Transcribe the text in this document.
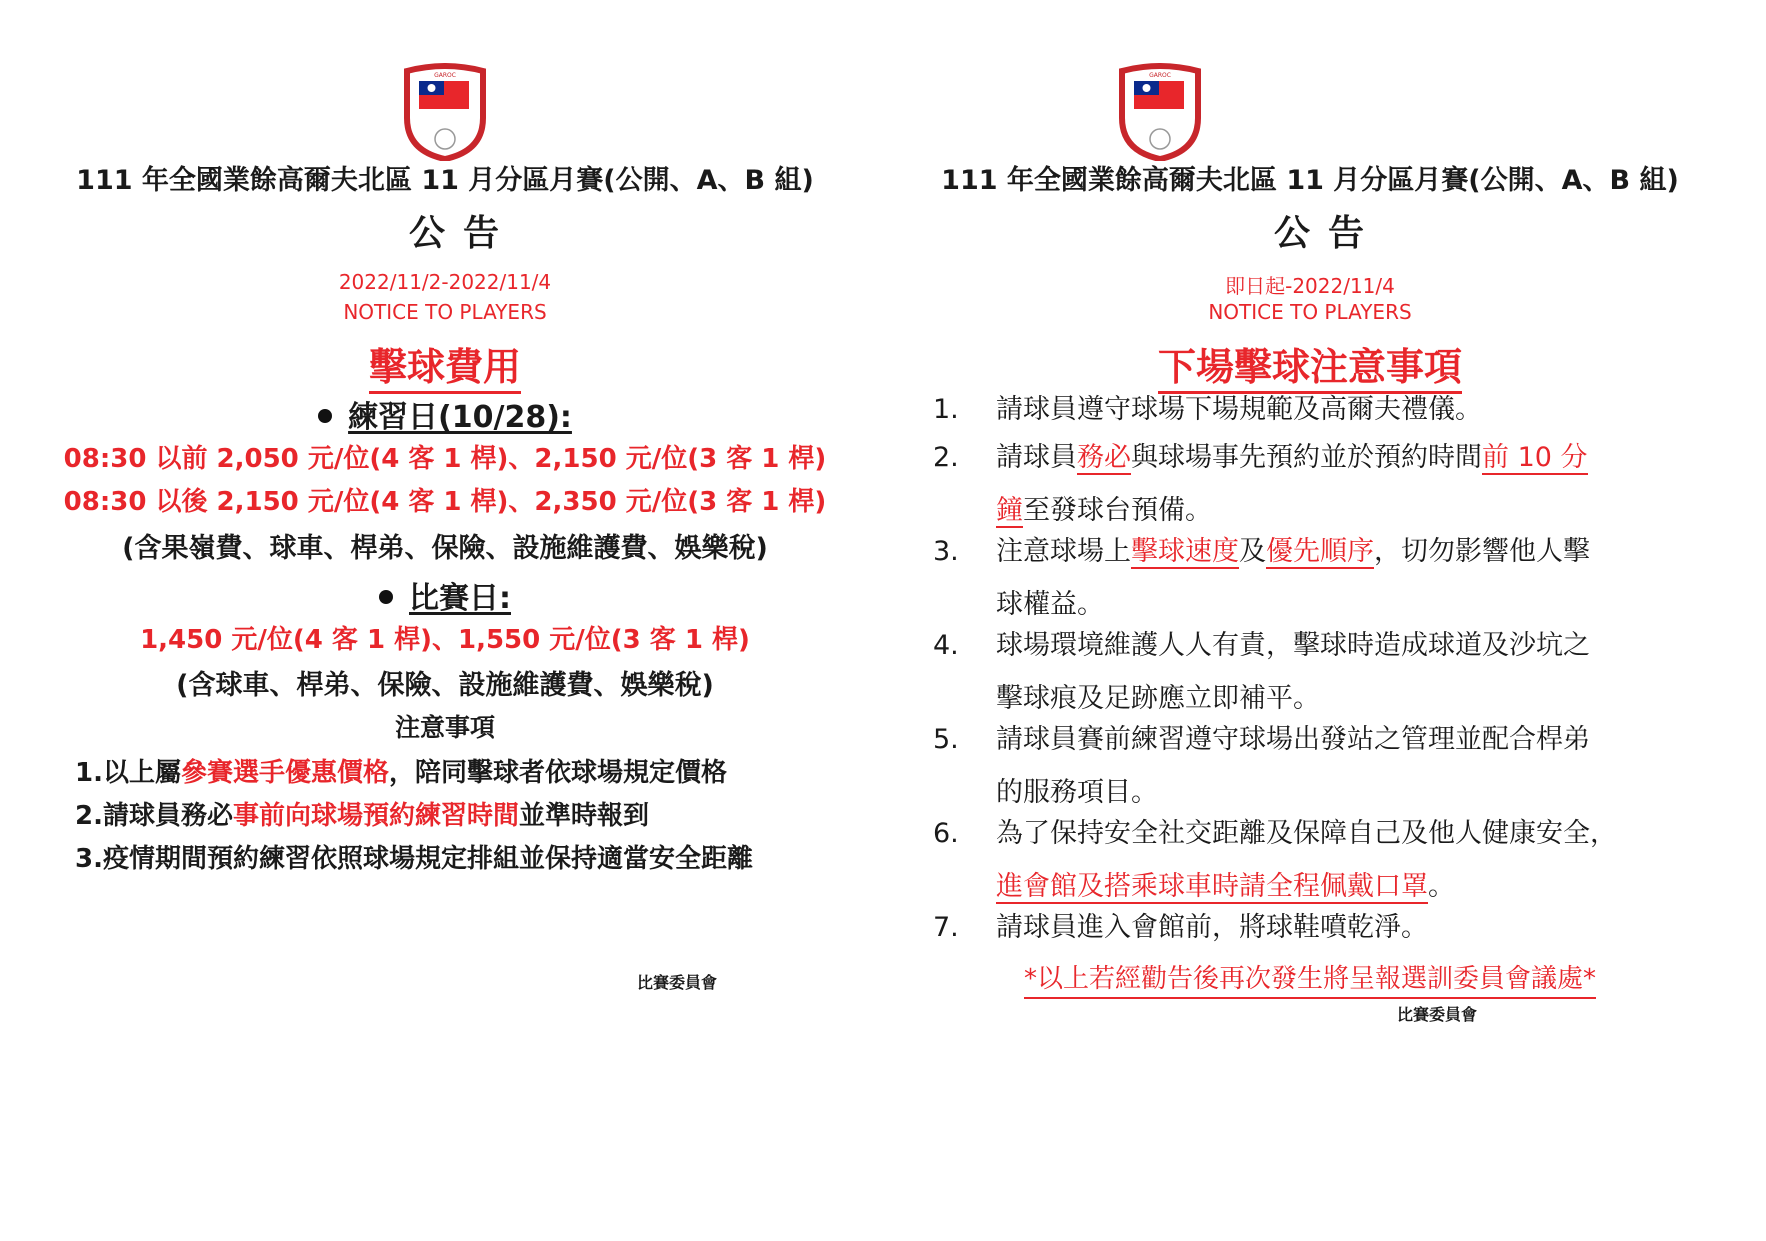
GAROC
111 年全國業餘高爾夫北區 11 月分區月賽(公開、A、B 組)
公告
2022/11/2-2022/11/4
NOTICE TO PLAYERS
擊球費用
練習日(10/28):
08:30 以前 2,050 元/位(4 客 1 桿)、2,150 元/位(3 客 1 桿)
08:30 以後 2,150 元/位(4 客 1 桿)、2,350 元/位(3 客 1 桿)
(含果嶺費、球車、桿弟、保險、設施維護費、娛樂稅)
比賽日:
1,450 元/位(4 客 1 桿)、1,550 元/位(3 客 1 桿)
(含球車、桿弟、保險、設施維護費、娛樂稅)
注意事項
1.以上屬參賽選手優惠價格，陪同擊球者依球場規定價格
2.請球員務必事前向球場預約練習時間並準時報到
3.疫情期間預約練習依照球場規定排組並保持適當安全距離
比賽委員會
GAROC
111 年全國業餘高爾夫北區 11 月分區月賽(公開、A、B 組)
公告
即日起-2022/11/4
NOTICE TO PLAYERS
下場擊球注意事項
1.	請球員遵守球場下場規範及高爾夫禮儀。
2.	請球員務必與球場事先預約並於預約時間前 10 分
鐘至發球台預備。
3.	注意球場上擊球速度及優先順序，切勿影響他人擊
球權益。
4.	球場環境維護人人有責，擊球時造成球道及沙坑之
擊球痕及足跡應立即補平。
5.	請球員賽前練習遵守球場出發站之管理並配合桿弟
的服務項目。
6.	為了保持安全社交距離及保障自己及他人健康安全，
進會館及搭乘球車時請全程佩戴口罩。
7.	請球員進入會館前，將球鞋噴乾淨。
*以上若經勸告後再次發生將呈報選訓委員會議處*
比賽委員會
